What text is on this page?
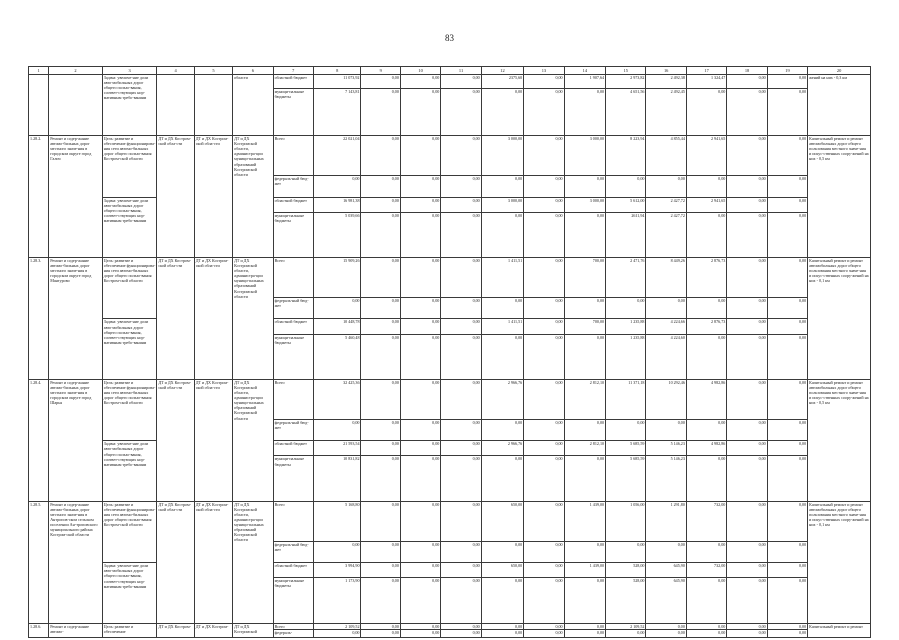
83
1	2	3	4	5	6	7	8	9	10	11	12	13	14	15	16	17	18	19	20
		Задача: увеличе-ние доли авто-мобильных дорог общего пользо-вания, соответ-ствующих нор-мативным требо-ваниям			области	областной бюджет	11 073,92	0,00	0,00	0,00	2375,60	0,00	1 907,64	2 973,82	2 492,38	1 324,47	0,00	0,00	жений на них - 0,3 км
						муници-пальные бюджеты	7 143,81	0,00	0,00	0,00	0,00	0,00	0,00	4 651,56	2 492,45	0,00	0,00	0,00	
1.28.2.	Ремонт и содер-жание автомо-бильных дорог местного значе-ния в городском округе город Галич	Цель: развитие и обеспечение функционирова-ния сети автомо-бильных дорог общего пользо-вания Костром-ской области	ДТ и ДХ Костром-ской обла-сти	ДТ и ДХ Костром-ской обла-сти	ДТ и ДХ Костромской области, администра-ции муници-пальных образований Костромской области	Всего	22 021,04	0,00	0,00	0,00	3 000,00	0,00	3 000,00	8 223,94	4 855,44	2 941,65	0,00	0,00	Капитальный ремонт и ремонт автомобильных дорог общего пользования местного значе-ния и искус-ственных соору-жений на них - 0,5 км
						федераль-ный бюд-жет	0,00	0,00	0,00	0,00	0,00	0,00	0,00	0,00	0,00	0,00	0,00	0,00	
		Задача: увеличе-ние доли авто-мобильных дорог общего пользо-вания, соответ-ствующих нор-мативным требо-ваниям				областной бюджет	16 981,38	0,00	0,00	0,00	3 000,00	0,00	3 000,00	5 612,00	2 427,72	2 941,65	0,00	0,00	
						муници-пальные бюджеты	5 039,66	0,00	0,00	0,00	0,00	0,00	0,00	2611,94	2 427,72	0,00	0,00	0,00	
1.28.3.	Ремонт и содер-жание автомо-бильных дорог местного значе-ния в городском округе город Мантурово	Цель: развитие и обеспечение функционирова-ния сети автомо-бильных дорог общего пользо-вания Костром-ской области	ДТ и ДХ Костром-ской обла-сти	ДТ и ДХ Костром-ской обла-сти	ДТ и ДХ Костромской области, администра-ции муници-пальных образований Костромской области	Всего	15 909,26	0,00	0,00	0,00	1 411,51	0,00	700,00	2 471,76	8 449,26	2 876,73	0,00	0,00	Капитальный ремонт и ремонт автомобильных дорог общего пользования местного значе-ния и искус-ственных соору-жений на них - 0,1 км
						федераль-ный бюд-жет	0,00	0,00	0,00	0,00	0,00	0,00	0,00	0,00	0,00	0,00	0,00	0,00	
		Задача: увеличе-ние доли авто-мобильных дорог общего пользо-вания, соответ-ствующих нор-мативным требо-ваниям				областной бюджет	10 448,78	0,00	0,00	0,00	1 411,51	0,00	700,00	1 235,88	4 224,66	2 876,73	0,00	0,00	
						муници-пальные бюджеты	5 460,48	0,00	0,00	0,00	0,00	0,00	0,00	1 235,88	4 224,60	0,00	0,00	0,00	
1.28.4.	Ремонт и содер-жание автомо-бильных дорог местного значе-ния в городском округе город Шарья	Цель: развитие и обеспечение функционирова-ния сети автомо-бильных дорог общего пользо-вания Костром-ской области	ДТ и ДХ Костром-ской обла-сти	ДТ и ДХ Костром-ской обла-сти	ДТ и ДХ Костромской области, администра-ции муници-пальных образований Костромской области	Всего	32 425,36	0,00	0,00	0,00	2 966,76	0,00	2 812,10	11 371,18	10 292,46	4 982,86	0,00	0,00	Капитальный ремонт и ремонт автомобильных дорог общего пользования местного значе-ния и искус-ственных соору-жений на них - 0,5 км
						федераль-ный бюд-жет	0,00	0,00	0,00	0,00	0,00	0,00	0,00	0,00	0,00	0,00	0,00	0,00	
		Задача: увеличе-ние доли авто-мобильных дорог общего пользо-вания, соответ-ствующих нор-мативным требо-ваниям				областной бюджет	21 593,54	0,00	0,00	0,00	2 966,76	0,00	2 812,10	5 685,59	5 146,23	4 982,86	0,00	0,00	
						муници-пальные бюджеты	10 831,82	0,00	0,00	0,00	0,00	0,00	0,00	5 685,59	5 146,23	0,00	0,00	0,00	
1.28.5.	Ремонт и содер-жание автомо-бильных дорог местного значе-ния в Антропов-ском сельском поселении Ан-троповского муниципального района Костром-ской области	Цель: развитие и обеспечение функционирова-ния сети автомо-бильных дорог общего пользо-вания Костром-ской области	ДТ и ДХ Костром-ской обла-сти	ДТ и ДХ Костром-ской обла-сти	ДТ и ДХ Костромской области, администра-ции муници-пальных образований Костромской области	Всего	5 168,80	0,00	0,00	0,00	650,00	0,00	1 439,00	1 056,00	1 291,80	732,00	0,00	0,00	Капитальный ремонт и ремонт автомобильных дорог общего пользования местного значе-ния и искус-ственных соору-жений на них - 0,1 км
						федераль-ный бюд-жет	0,00	0,00	0,00	0,00	0,00	0,00	0,00	0,00	0,00	0,00	0,00	0,00	
		Задача: увеличе-ние доли авто-мобильных дорог общего пользо-вания, соответ-ствующих нор-мативным требо-ваниям				областной бюджет	3 994,90	0,00	0,00	0,00	650,00	0,00	1 439,00	528,00	645,90	732,00	0,00	0,00	
						муници-пальные бюджеты	1 173,90	0,00	0,00	0,00	0,00	0,00	0,00	528,00	645,90	0,00	0,00	0,00	
1.28.6.	Ремонт и содер-жание автомо-	Цель: развитие и обеспечение	ДТ и ДХ Костром-	ДТ и ДХ Костром-	ДТ и ДХ Костромской	Всего	2 109,52	0,00	0,00	0,00	0,00	0,00	0,00	2 109,52	0,00	0,00	0,00	0,00	Капитальный ремонт и ремонт
						федераль-	0,00	0,00	0,00	0,00	0,00	0,00	0,00	0,00	0,00	0,00	0,00	0,00	
